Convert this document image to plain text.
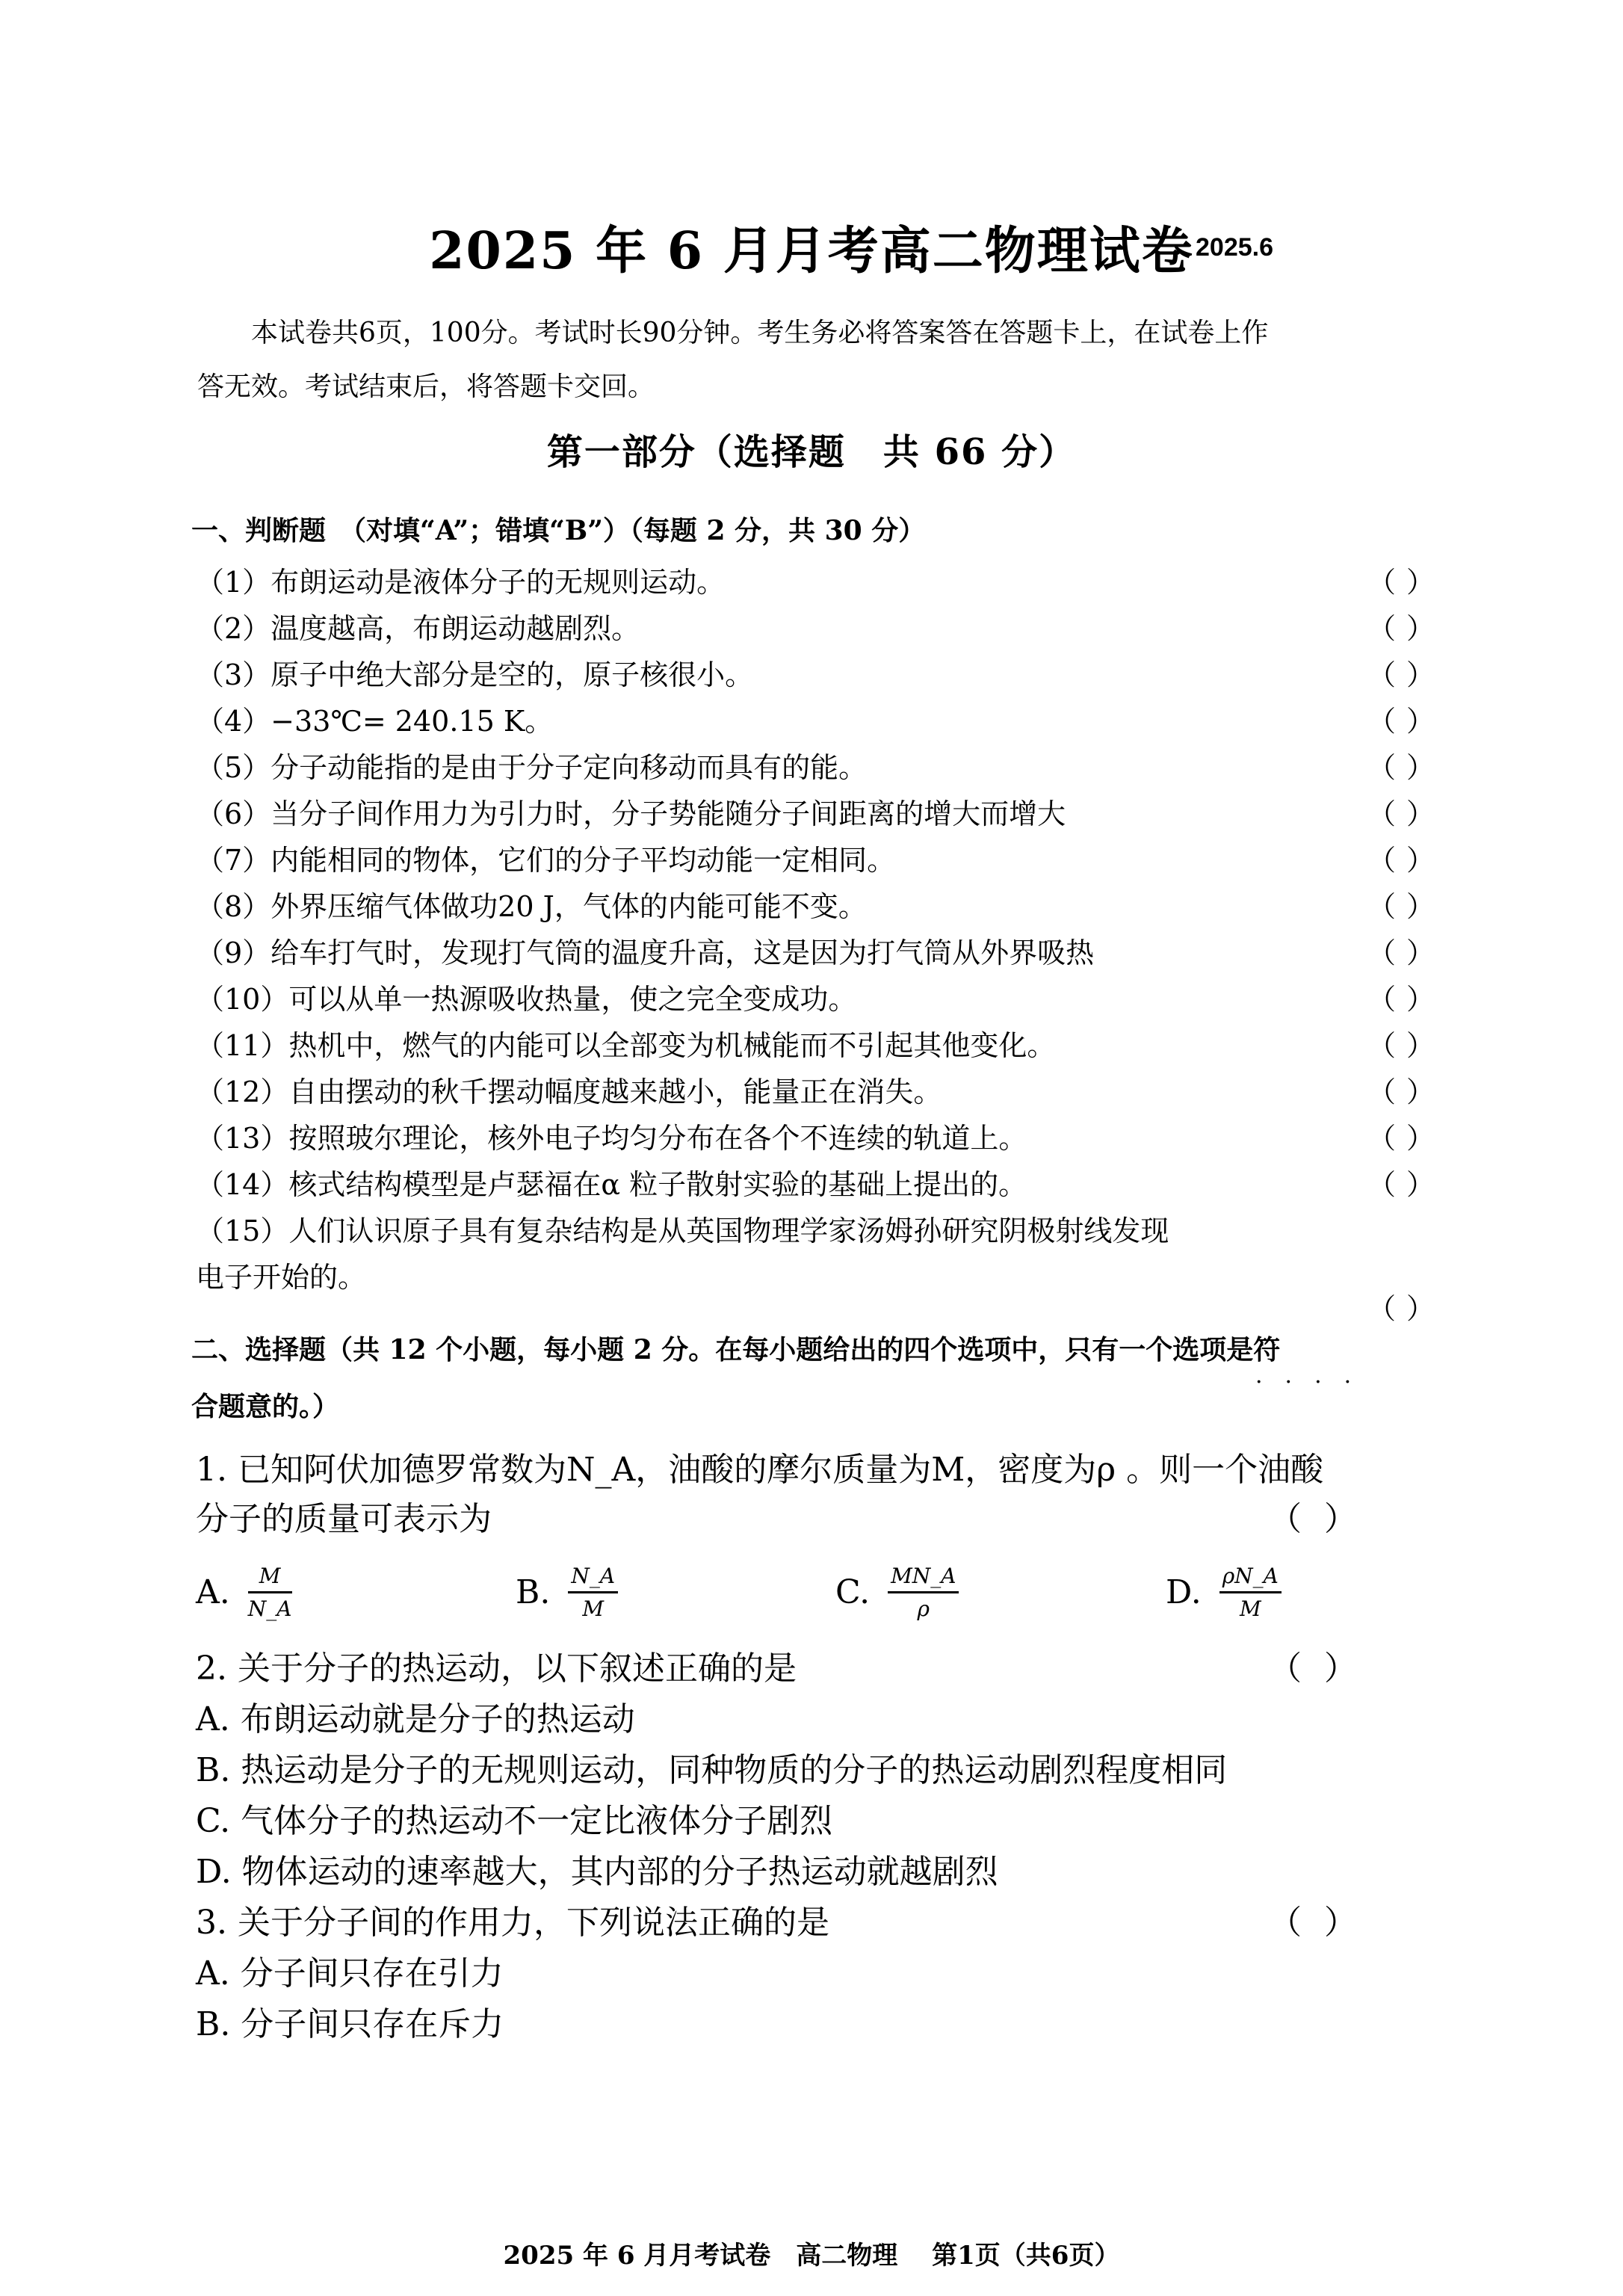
2025 年 6 月月考高二物理试卷 2025.6
本试卷共6页，100分。考试时长90分钟。考生务必将答案答在答题卡上，在试卷上作
答无效。考试结束后，将答题卡交回。
第一部分（选择题　共 66 分）
一、判断题　（对填“A”；错填“B”）（每题 2 分，共 30 分）
（1）布朗运动是液体分子的无规则运动。	（）
（2）温度越高，布朗运动越剧烈。	（）
（3）原子中绝大部分是空的，原子核很小。	（）
（4）−33℃= 240.15 K。	（）
（5）分子动能指的是由于分子定向移动而具有的能。	（）
（6）当分子间作用力为引力时，分子势能随分子间距离的增大而增大	（）
（7）内能相同的物体，它们的分子平均动能一定相同。	（）
（8）外界压缩气体做功20 J，气体的内能可能不变。	（）
（9）给车打气时，发现打气筒的温度升高，这是因为打气筒从外界吸热	（）
（10）可以从单一热源吸收热量，使之完全变成功。	（）
（11）热机中，燃气的内能可以全部变为机械能而不引起其他变化。	（）
（12）自由摆动的秋千摆动幅度越来越小，能量正在消失。	（）
（13）按照玻尔理论，核外电子均匀分布在各个不连续的轨道上。	（）
（14）核式结构模型是卢瑟福在α 粒子散射实验的基础上提出的。	（）
（15）人们认识原子具有复杂结构是从英国物理学家汤姆孙研究阴极射线发现
电子开始的。
（）
二、选择题（共 12 个小题，每小题 2 分。在每小题给出的四个选项中，只有一个选项是符
····
合题意的。）
1. 已知阿伏加德罗常数为N_A，油酸的摩尔质量为M，密度为ρ 。则一个油酸
分子的质量可表示为	（）
A. $\frac{M}{N\_A}$	B. $\frac{N\_A}{M}$	C. $\frac{MN\_A}{\rho}$	D. $\frac{\rho N\_A}{M}$
2. 关于分子的热运动，以下叙述正确的是	（）
A. 布朗运动就是分子的热运动
B. 热运动是分子的无规则运动，同种物质的分子的热运动剧烈程度相同
C. 气体分子的热运动不一定比液体分子剧烈
D. 物体运动的速率越大，其内部的分子热运动就越剧烈
3. 关于分子间的作用力，下列说法正确的是	（）
A. 分子间只存在引力
B. 分子间只存在斥力
2025 年 6 月月考试卷　高二物理　 第1页（共6页）
